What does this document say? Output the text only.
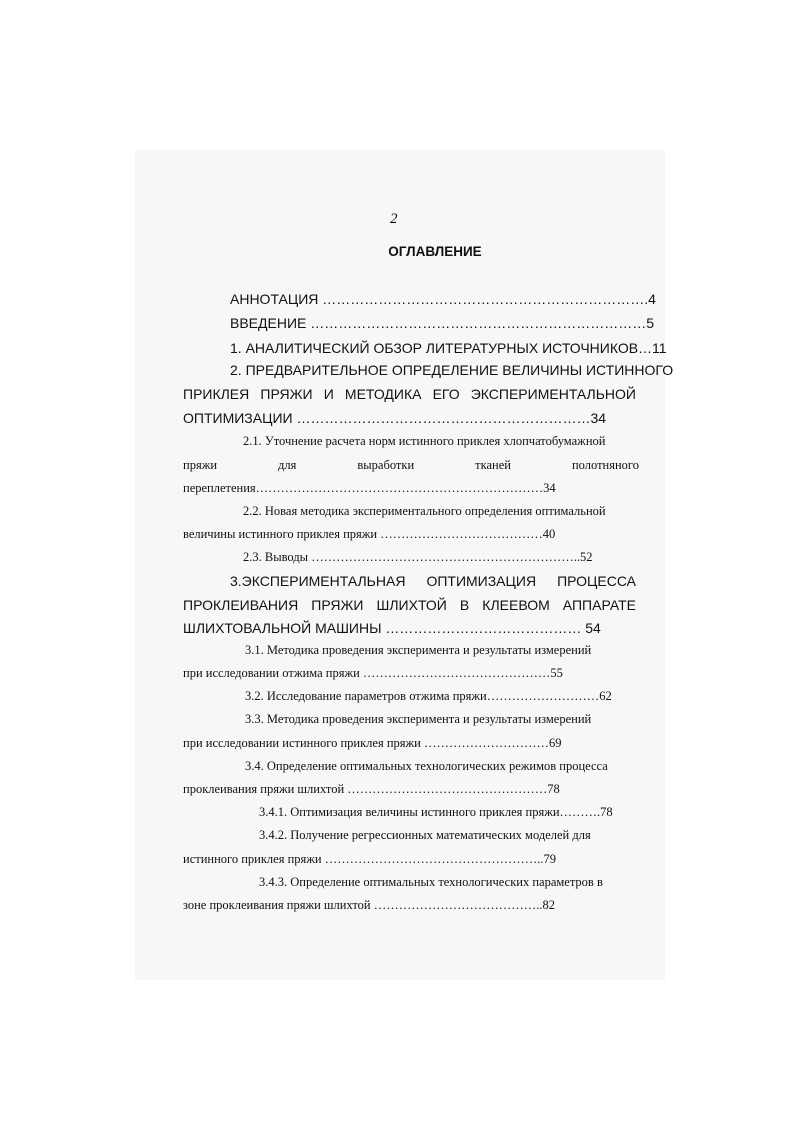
2
ОГЛАВЛЕНИЕ

АННОТАЦИЯ …………………………………………………………….4

ВВЕДЕНИЕ ………………………………………………………………5

1. АНАЛИТИЧЕСКИЙ ОБЗОР ЛИТЕРАТУРНЫХ ИСТОЧНИКОВ…11

2. ПРЕДВАРИТЕЛЬНОЕ ОПРЕДЕЛЕНИЕ ВЕЛИЧИНЫ ИСТИННОГО

ПРИКЛЕЯ ПРЯЖИ И МЕТОДИКА ЕГО ЭКСПЕРИМЕНТАЛЬНОЙ

ОПТИМИЗАЦИИ ………………………………………………………34

2.1. Уточнение расчета норм истинного приклея хлопчатобумажной

пряжи для выработки тканей полотняного

переплетения……………………………………………………………34

2.2. Новая методика экспериментального определения оптимальной

величины истинного приклея пряжи …………………………………40

2.3. Выводы ………………………………………………………..52

3.ЭКСПЕРИМЕНТАЛЬНАЯ ОПТИМИЗАЦИЯ ПРОЦЕССА

ПРОКЛЕИВАНИЯ ПРЯЖИ ШЛИХТОЙ В КЛЕЕВОМ АППАРАТЕ

ШЛИХТОВАЛЬНОЙ МАШИНЫ …………………………………… 54

3.1. Методика проведения эксперимента и результаты измерений

при исследовании отжима пряжи ………………………………………55

3.2. Исследование параметров отжима пряжи………………………62

3.3. Методика проведения эксперимента и результаты измерений

при исследовании истинного приклея пряжи …………………………69

3.4. Определение оптимальных технологических режимов процесса

проклеивания пряжи шлихтой …………………………………………78

3.4.1. Оптимизация величины истинного приклея пряжи……….78

3.4.2. Получение регрессионных математических моделей для

истинного приклея пряжи ……………………………………………..79

3.4.3. Определение оптимальных технологических параметров в

зоне проклеивания пряжи шлихтой …………………………………..82
